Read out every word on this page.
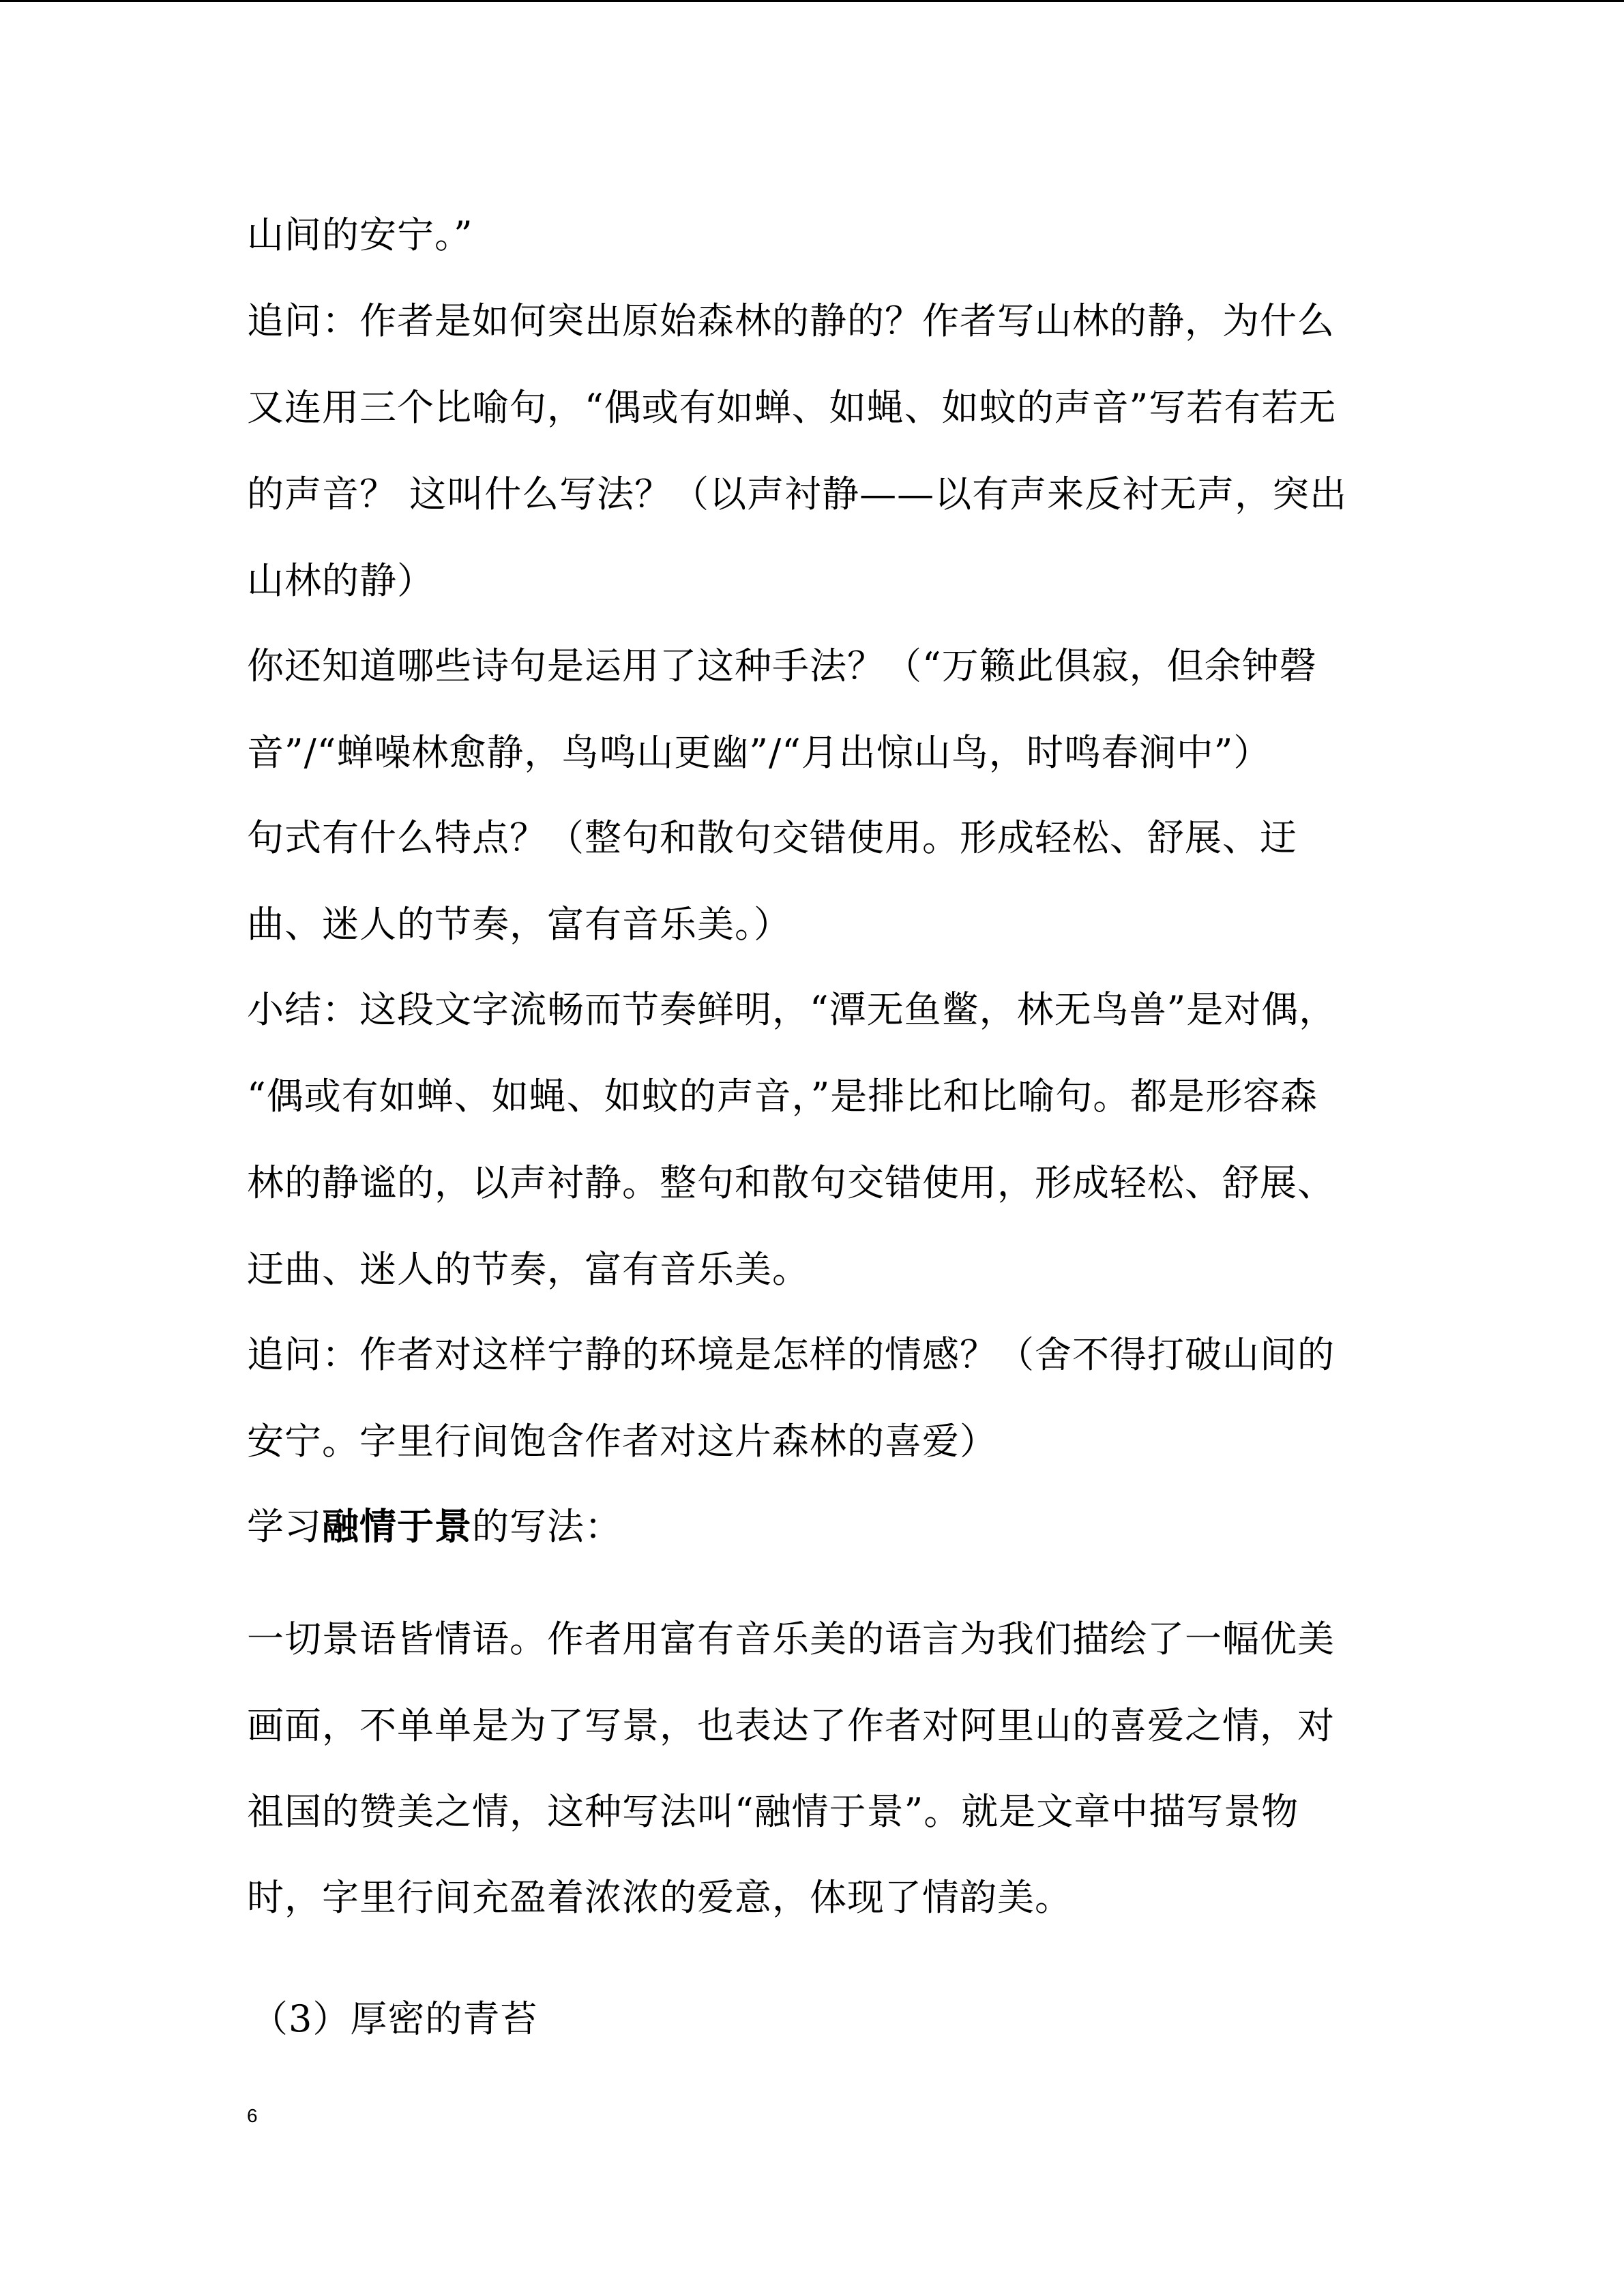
山间的安宁。”

追问：作者是如何突出原始森林的静的？作者写山林的静，为什么

又连用三个比喻句，“偶或有如蝉、如蝇、如蚊的声音”写若有若无

的声音？ 这叫什么写法？（以声衬静——以有声来反衬无声，突出

山林的静）

你还知道哪些诗句是运用了这种手法？（“万籁此俱寂，但余钟磬

音”/“蝉噪林愈静，鸟鸣山更幽”/“月出惊山鸟，时鸣春涧中”）

句式有什么特点？（整句和散句交错使用。形成轻松、舒展、迂

曲、迷人的节奏，富有音乐美。）

小结：这段文字流畅而节奏鲜明，“潭无鱼鳖，林无鸟兽”是对偶，

“偶或有如蝉、如蝇、如蚊的声音，”是排比和比喻句。都是形容森

林的静谧的，以声衬静。整句和散句交错使用，形成轻松、舒展、

迂曲、迷人的节奏，富有音乐美。

追问：作者对这样宁静的环境是怎样的情感？（舍不得打破山间的

安宁。字里行间饱含作者对这片森林的喜爱）

学习融情于景的写法：

一切景语皆情语。作者用富有音乐美的语言为我们描绘了一幅优美

画面，不单单是为了写景，也表达了作者对阿里山的喜爱之情，对

祖国的赞美之情，这种写法叫“融情于景”。就是文章中描写景物

时，字里行间充盈着浓浓的爱意，体现了情韵美。

（3）厚密的青苔

6
